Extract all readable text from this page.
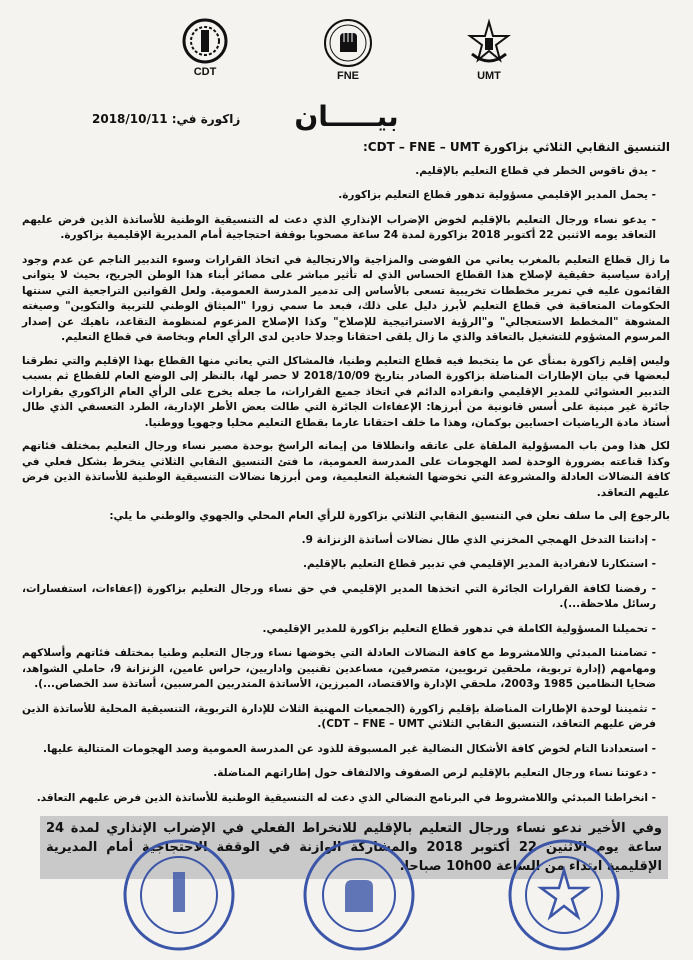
CDT	FNE	UMT
بيـــــان
زاكورة في: 2018/10/11

التنسيق النقابي الثلاثي بزاكورة CDT – FNE – UMT:

- يدق ناقوس الخطر في قطاع التعليم بالإقليم.
- يحمل المدير الإقليمي مسؤولية تدهور قطاع التعليم بزاكورة.
- يدعو نساء ورجال التعليم بالإقليم لخوض الإضراب الإنذاري الذي دعت له التنسيقية الوطنية للأساتذة الذين فرض عليهم التعاقد يومه الاثنين 22 أكتوبر 2018 بزاكورة لمدة 24 ساعة مصحوبا بوقفة احتجاجية أمام المديرية الإقليمية بزاكورة.

ما زال قطاع التعليم بالمغرب يعاني من الفوضى والمزاجية والارتجالية في اتخاذ القرارات وسوء التدبير الناجم عن عدم وجود إرادة سياسية حقيقية لإصلاح هذا القطاع الحساس الذي له تأثير مباشر على مصائر أبناء هذا الوطن الجريح، بحيث لا يتوانى القائمون عليه في تمرير مخططات تخريبية تسعى بالأساس إلى تدمير المدرسة العمومية. ولعل القوانين التراجعية التي سنتها الحكومات المتعاقبة في قطاع التعليم لأبرز دليل على ذلك، فبعد ما سمي زورا "الميثاق الوطني للتربية والتكوين" وصيغته المشوهة "المخطط الاستعجالي" و"الرؤية الاستراتيجية للإصلاح" وكذا الإصلاح المزعوم لمنظومة التقاعد، ناهيك عن إصدار المرسوم المشؤوم للتشغيل بالتعاقد والذي ما زال يلقى احتقانا وجدلا حادين لدى الرأي العام وبخاصة في قطاع التعليم.

وليس إقليم زاكورة بمنأى عن ما يتخبط فيه قطاع التعليم وطنيا، فالمشاكل التي يعاني منها القطاع بهذا الإقليم والتي تطرقنا لبعضها في بيان الإطارات المناضلة بزاكورة الصادر بتاريخ 2018/10/09 لا حصر لها، بالنظر إلى الوضع العام للقطاع ثم بسبب التدبير العشوائي للمدير الإقليمي وانفراده الدائم في اتخاذ جميع القرارات، ما جعله يخرج على الرأي العام الزاكوري بقرارات جائرة غير مبنية على أسس قانونية من أبرزها: الإعفاءات الجائرة التي طالت بعض الأطر الإدارية، الطرد التعسفي الذي طال أستاذ مادة الرياضيات احسايين بوكمان، وهذا ما خلف احتقانا عارما بقطاع التعليم محليا وجهويا ووطنيا.

لكل هذا ومن باب المسؤولية الملقاة على عاتقه وانطلاقا من إيمانه الراسخ بوحدة مصير نساء ورجال التعليم بمختلف فئاتهم وكذا قناعته بضرورة الوحدة لصد الهجومات على المدرسة العمومية، ما فتئ التنسيق النقابي الثلاثي ينخرط بشكل فعلي في كافة النضالات العادلة والمشروعة التي تخوضها الشغيلة التعليمية، ومن أبرزها نضالات التنسيقية الوطنية للأساتذة الذين فرض عليهم التعاقد.

بالرجوع إلى ما سلف نعلن في التنسيق النقابي الثلاثي بزاكورة للرأي العام المحلي والجهوي والوطني ما يلي:

- إدانتنا التدخل الهمجي المخزني الذي طال نضالات أساتذة الزنزانة 9.
- استنكارنا لانفرادية المدير الإقليمي في تدبير قطاع التعليم بالإقليم.
- رفضنا لكافة القرارات الجائرة التي اتخذها المدير الإقليمي في حق نساء ورجال التعليم بزاكورة (إعفاءات، استفسارات، رسائل ملاحظة...).
- تحميلنا المسؤولية الكاملة في تدهور قطاع التعليم بزاكورة للمدير الإقليمي.
- تضامننا المبدئي واللامشروط مع كافة النضالات العادلة التي يخوضها نساء ورجال التعليم وطنيا بمختلف فئاتهم وأسلاكهم ومهامهم (إدارة تربوية، ملحقين تربويين، متصرفين، مساعدين تقنيين واداريين، حراس عامين، الزنزانة 9، حاملي الشواهد، ضحايا النظامين 1985 و2003، ملحقي الإدارة والاقتصاد، المبرزين، الأساتذة المتدربين المرسبين، أساتذة سد الخصاص...).
- تثميننا لوحدة الإطارات المناضلة بإقليم زاكورة (الجمعيات المهنية الثلاث للإدارة التربوية، التنسيقية المحلية للأساتذة الذين فرض عليهم التعاقد، التنسيق النقابي الثلاثي CDT – FNE – UMT).
- استعدادنا التام لخوض كافة الأشكال النضالية غير المسبوقة للذود عن المدرسة العمومية وصد الهجومات المتتالية عليها.
- دعوتنا نساء ورجال التعليم بالإقليم لرص الصفوف والالتفاف حول إطاراتهم المناضلة.
- انخراطنا المبدئي واللامشروط في البرنامج النضالي الذي دعت له التنسيقية الوطنية للأساتذة الذين فرض عليهم التعاقد.
وفي الأخير ندعو نساء ورجال التعليم بالإقليم للانخراط الفعلي في الإضراب الإنذاري لمدة 24 ساعة يوم الاثنين 22 أكتوبر 2018 والمشاركة الوازنة في الوقفة الاحتجاجية أمام المديرية الإقليمية ابتداء من الساعة 10h00 صباحا.
